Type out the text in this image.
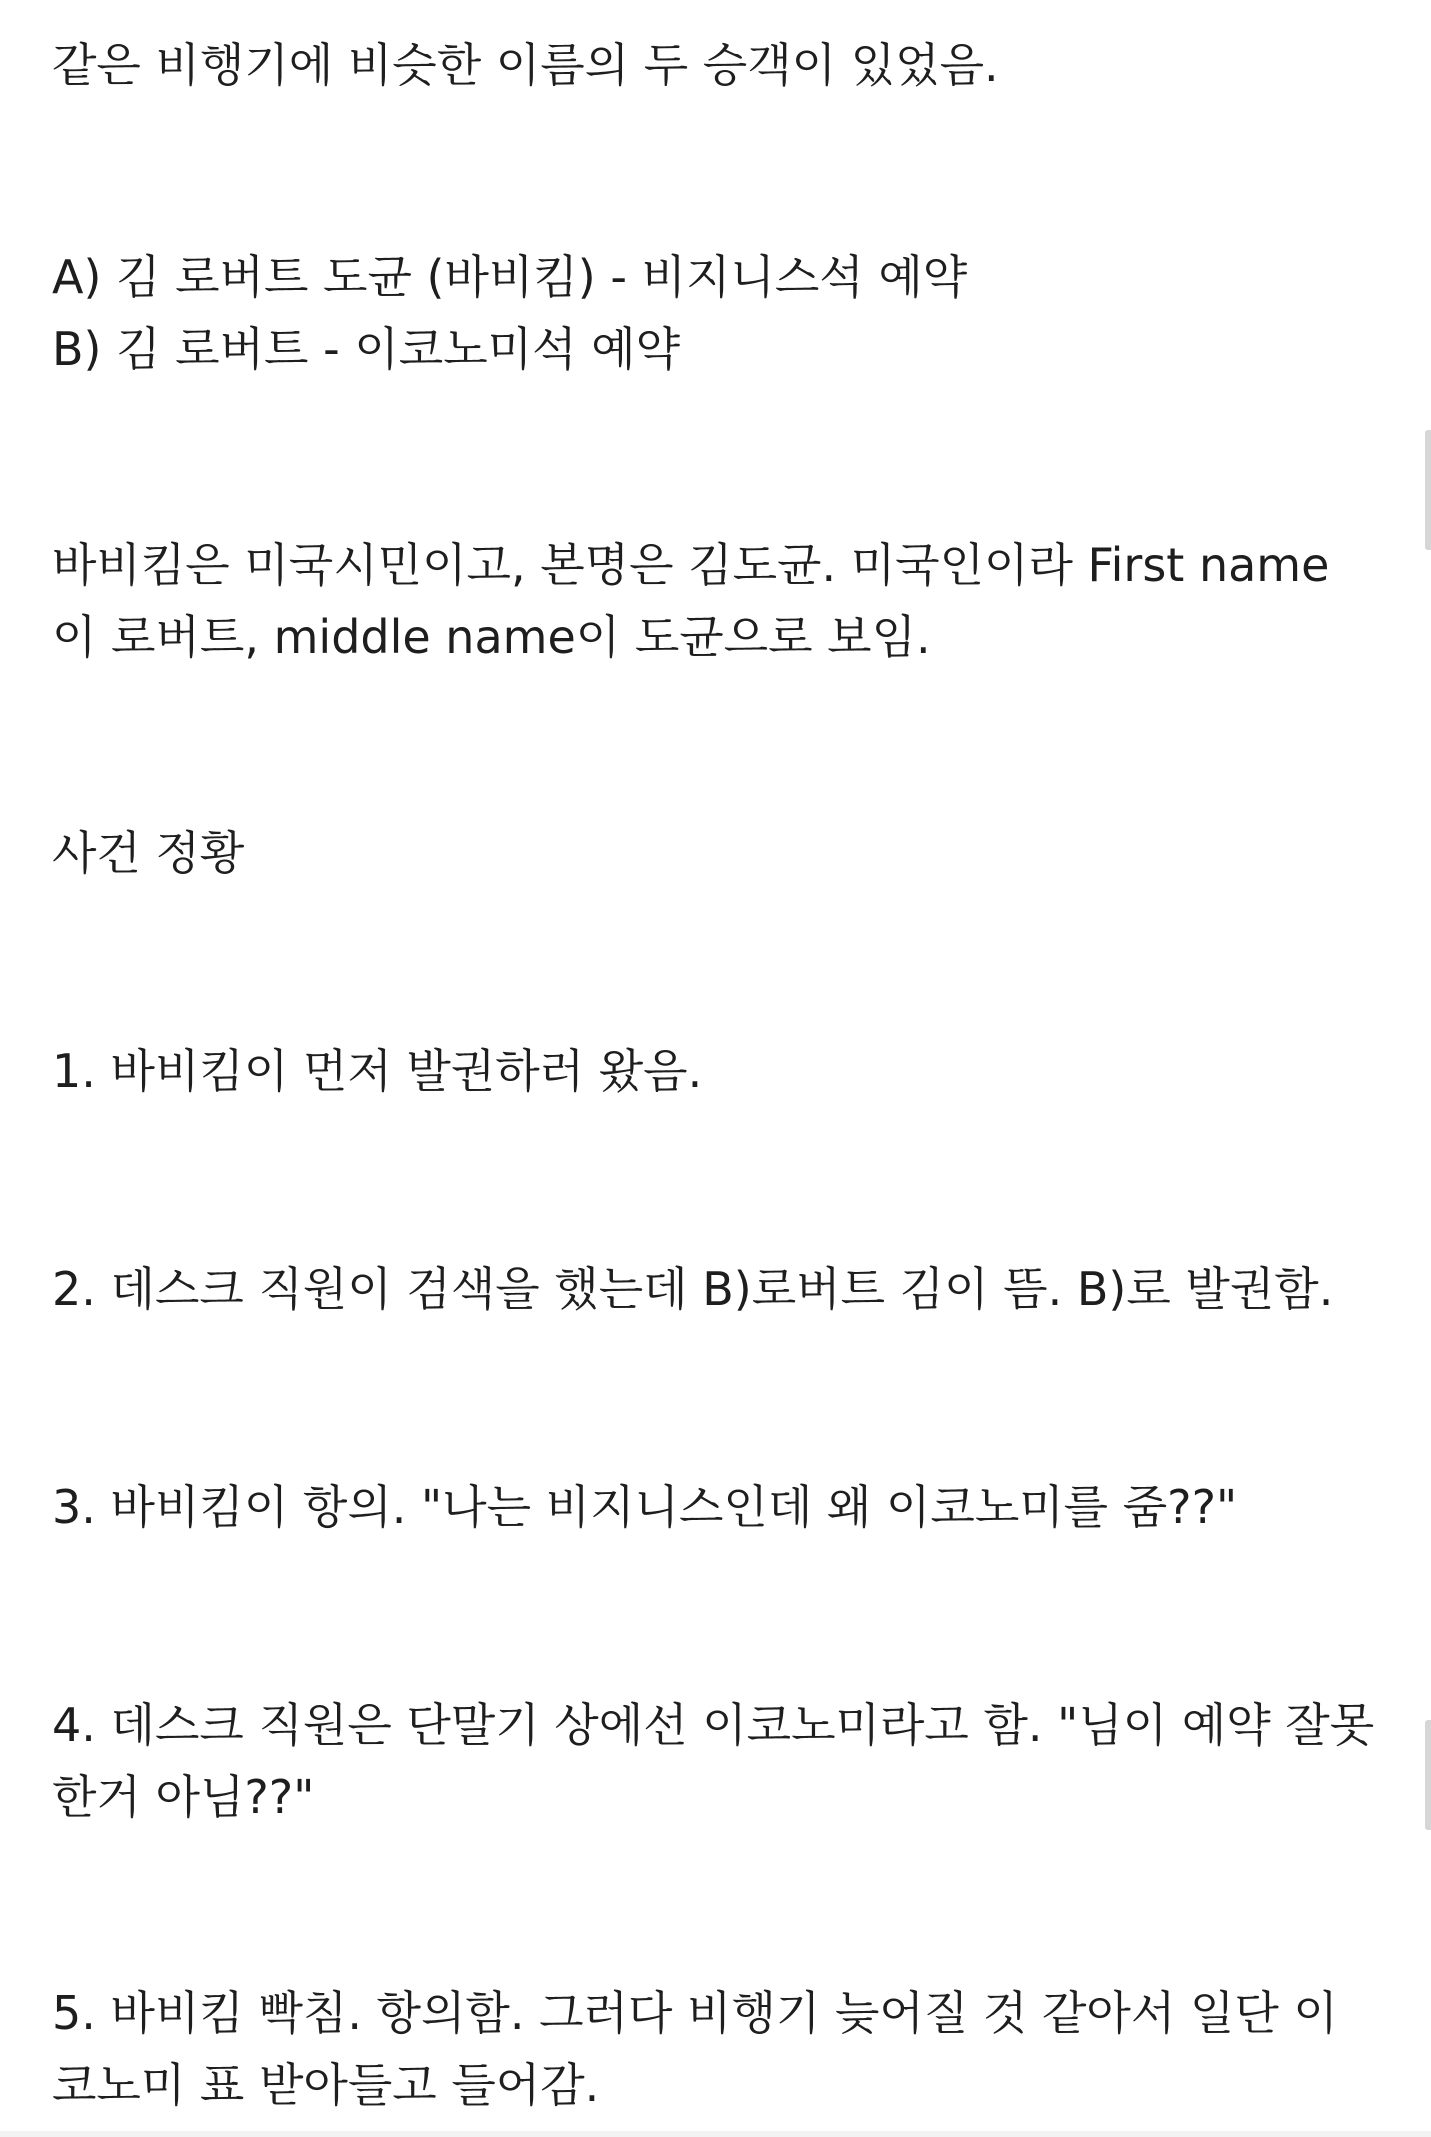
같은 비행기에 비슷한 이름의 두 승객이 있었음.
A) 김 로버트 도균 (바비킴) - 비지니스석 예약
B) 김 로버트 - 이코노미석 예약
바비킴은 미국시민이고, 본명은 김도균. 미국인이라 First name
이 로버트, middle name이 도균으로 보임.
사건 정황
1. 바비킴이 먼저 발권하러 왔음.
2. 데스크 직원이 검색을 했는데 B)로버트 김이 뜸. B)로 발권함.
3. 바비킴이 항의. "나는 비지니스인데 왜 이코노미를 줌??"
4. 데스크 직원은 단말기 상에선 이코노미라고 함. "님이 예약 잘못
한거 아님??"
5. 바비킴 빡침. 항의함. 그러다 비행기 늦어질 것 같아서 일단 이
코노미 표 받아들고 들어감.
